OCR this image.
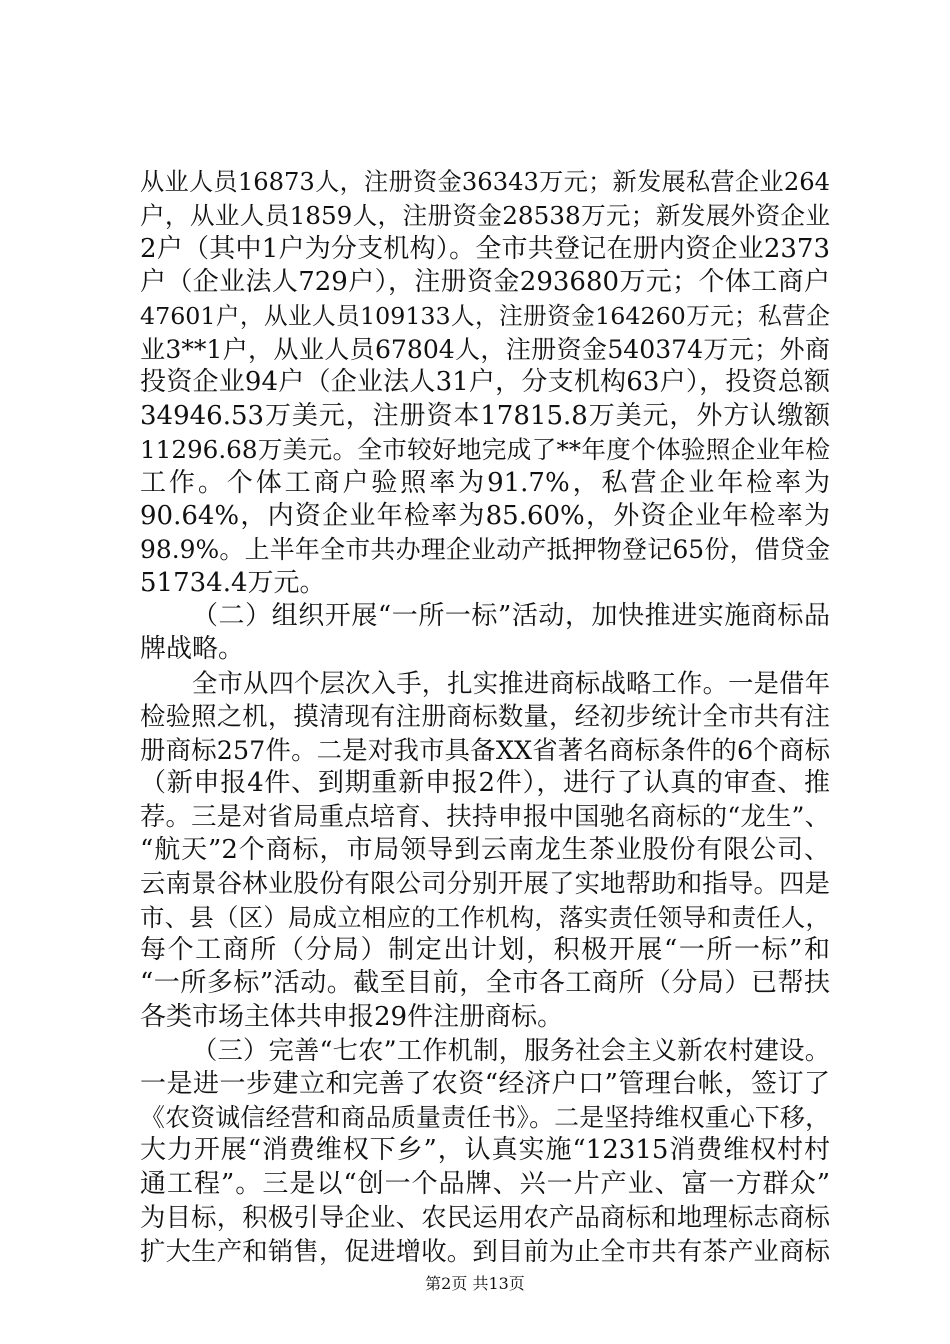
从业人员16873人，注册资金36343万元；新发展私营企业264
户，从业人员1859人，注册资金28538万元；新发展外资企业
2户（其中1户为分支机构）。全市共登记在册内资企业2373
户（企业法人729户），注册资金293680万元；个体工商户
47601户，从业人员109133人，注册资金164260万元；私营企
业3**1户，从业人员67804人，注册资金540374万元；外商
投资企业94户（企业法人31户，分支机构63户），投资总额
34946.53万美元，注册资本17815.8万美元，外方认缴额
11296.68万美元。全市较好地完成了**年度个体验照企业年检
工作。个体工商户验照率为91.7%，私营企业年检率为
90.64%，内资企业年检率为85.60%，外资企业年检率为
98.9%。上半年全市共办理企业动产抵押物登记65份，借贷金
51734.4万元。
（二）组织开展“一所一标”活动，加快推进实施商标品
牌战略。
全市从四个层次入手，扎实推进商标战略工作。一是借年
检验照之机，摸清现有注册商标数量，经初步统计全市共有注
册商标257件。二是对我市具备XX省著名商标条件的6个商标
（新申报4件、到期重新申报2件），进行了认真的审查、推
荐。三是对省局重点培育、扶持申报中国驰名商标的“龙生”、
“航天”2个商标，市局领导到云南龙生茶业股份有限公司、
云南景谷林业股份有限公司分别开展了实地帮助和指导。四是
市、县（区）局成立相应的工作机构，落实责任领导和责任人，
每个工商所（分局）制定出计划，积极开展“一所一标”和
“一所多标”活动。截至目前，全市各工商所（分局）已帮扶
各类市场主体共申报29件注册商标。
（三）完善“七农”工作机制，服务社会主义新农村建设。
一是进一步建立和完善了农资“经济户口”管理台帐，签订了
《农资诚信经营和商品质量责任书》。二是坚持维权重心下移，
大力开展“消费维权下乡”，认真实施“12315消费维权村村
通工程”。三是以“创一个品牌、兴一片产业、富一方群众”
为目标，积极引导企业、农民运用农产品商标和地理标志商标
扩大生产和销售，促进增收。到目前为止全市共有茶产业商标
第2页 共13页
